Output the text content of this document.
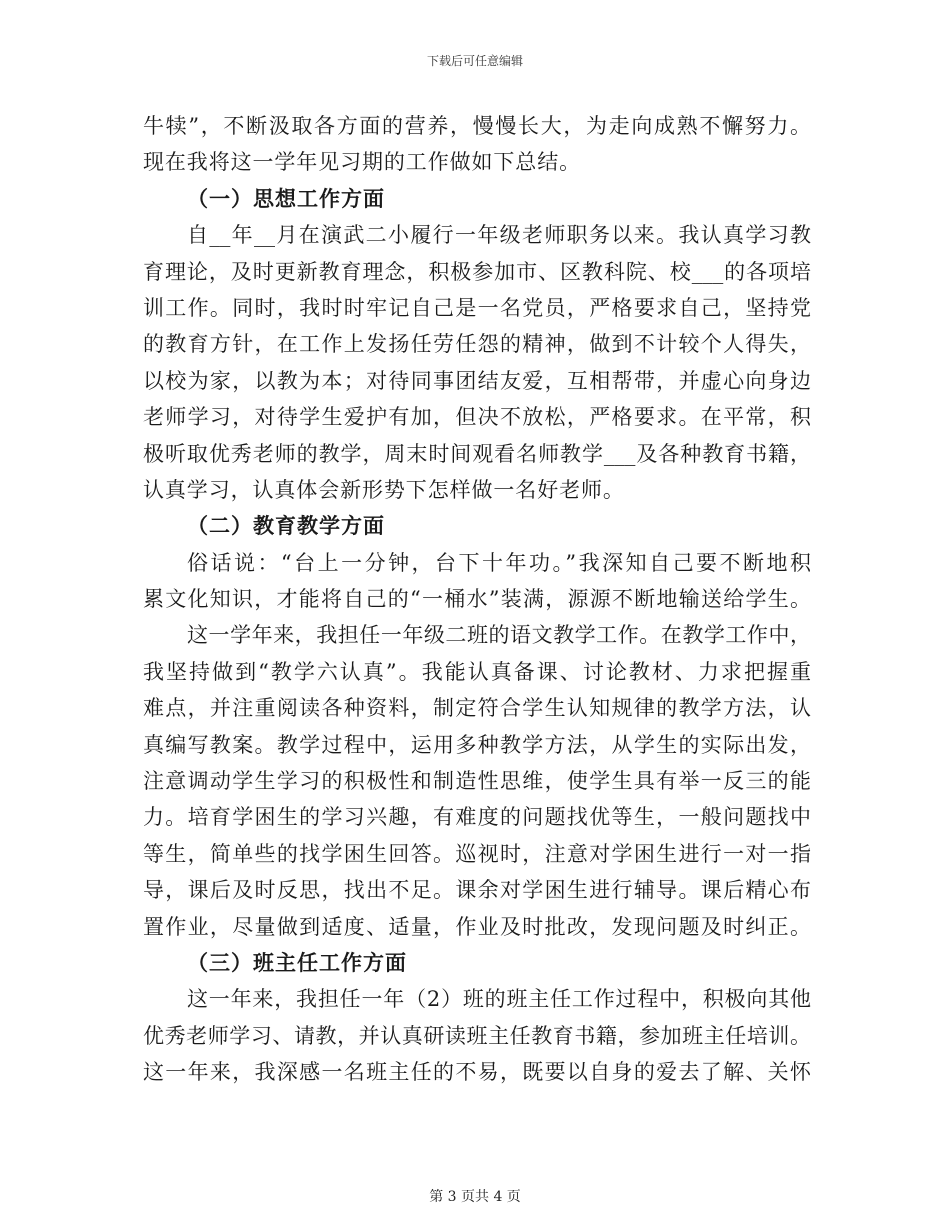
下载后可任意编辑
牛犊”，不断汲取各方面的营养，慢慢长大，为走向成熟不懈努力。
现在我将这一学年见习期的工作做如下总结。
（一）思想工作方面
自__年__月在演武二小履行一年级老师职务以来。我认真学习教
育理论，及时更新教育理念，积极参加市、区教科院、校___的各项培
训工作。同时，我时时牢记自己是一名党员，严格要求自己，坚持党
的教育方针，在工作上发扬任劳任怨的精神，做到不计较个人得失，
以校为家，以教为本；对待同事团结友爱，互相帮带，并虚心向身边
老师学习，对待学生爱护有加，但决不放松，严格要求。在平常，积
极听取优秀老师的教学，周末时间观看名师教学___及各种教育书籍，
认真学习，认真体会新形势下怎样做一名好老师。
（二）教育教学方面
俗话说：“台上一分钟，台下十年功。”我深知自己要不断地积
累文化知识，才能将自己的“一桶水”装满，源源不断地输送给学生。
这一学年来，我担任一年级二班的语文教学工作。在教学工作中，
我坚持做到“教学六认真”。我能认真备课、讨论教材、力求把握重
难点，并注重阅读各种资料，制定符合学生认知规律的教学方法，认
真编写教案。教学过程中，运用多种教学方法，从学生的实际出发，
注意调动学生学习的积极性和制造性思维，使学生具有举一反三的能
力。培育学困生的学习兴趣，有难度的问题找优等生，一般问题找中
等生，简单些的找学困生回答。巡视时，注意对学困生进行一对一指
导，课后及时反思，找出不足。课余对学困生进行辅导。课后精心布
置作业，尽量做到适度、适量，作业及时批改，发现问题及时纠正。
（三）班主任工作方面
这一年来，我担任一年（2）班的班主任工作过程中，积极向其他
优秀老师学习、请教，并认真研读班主任教育书籍，参加班主任培训。
这一年来，我深感一名班主任的不易，既要以自身的爱去了解、关怀
第 3 页共 4 页
